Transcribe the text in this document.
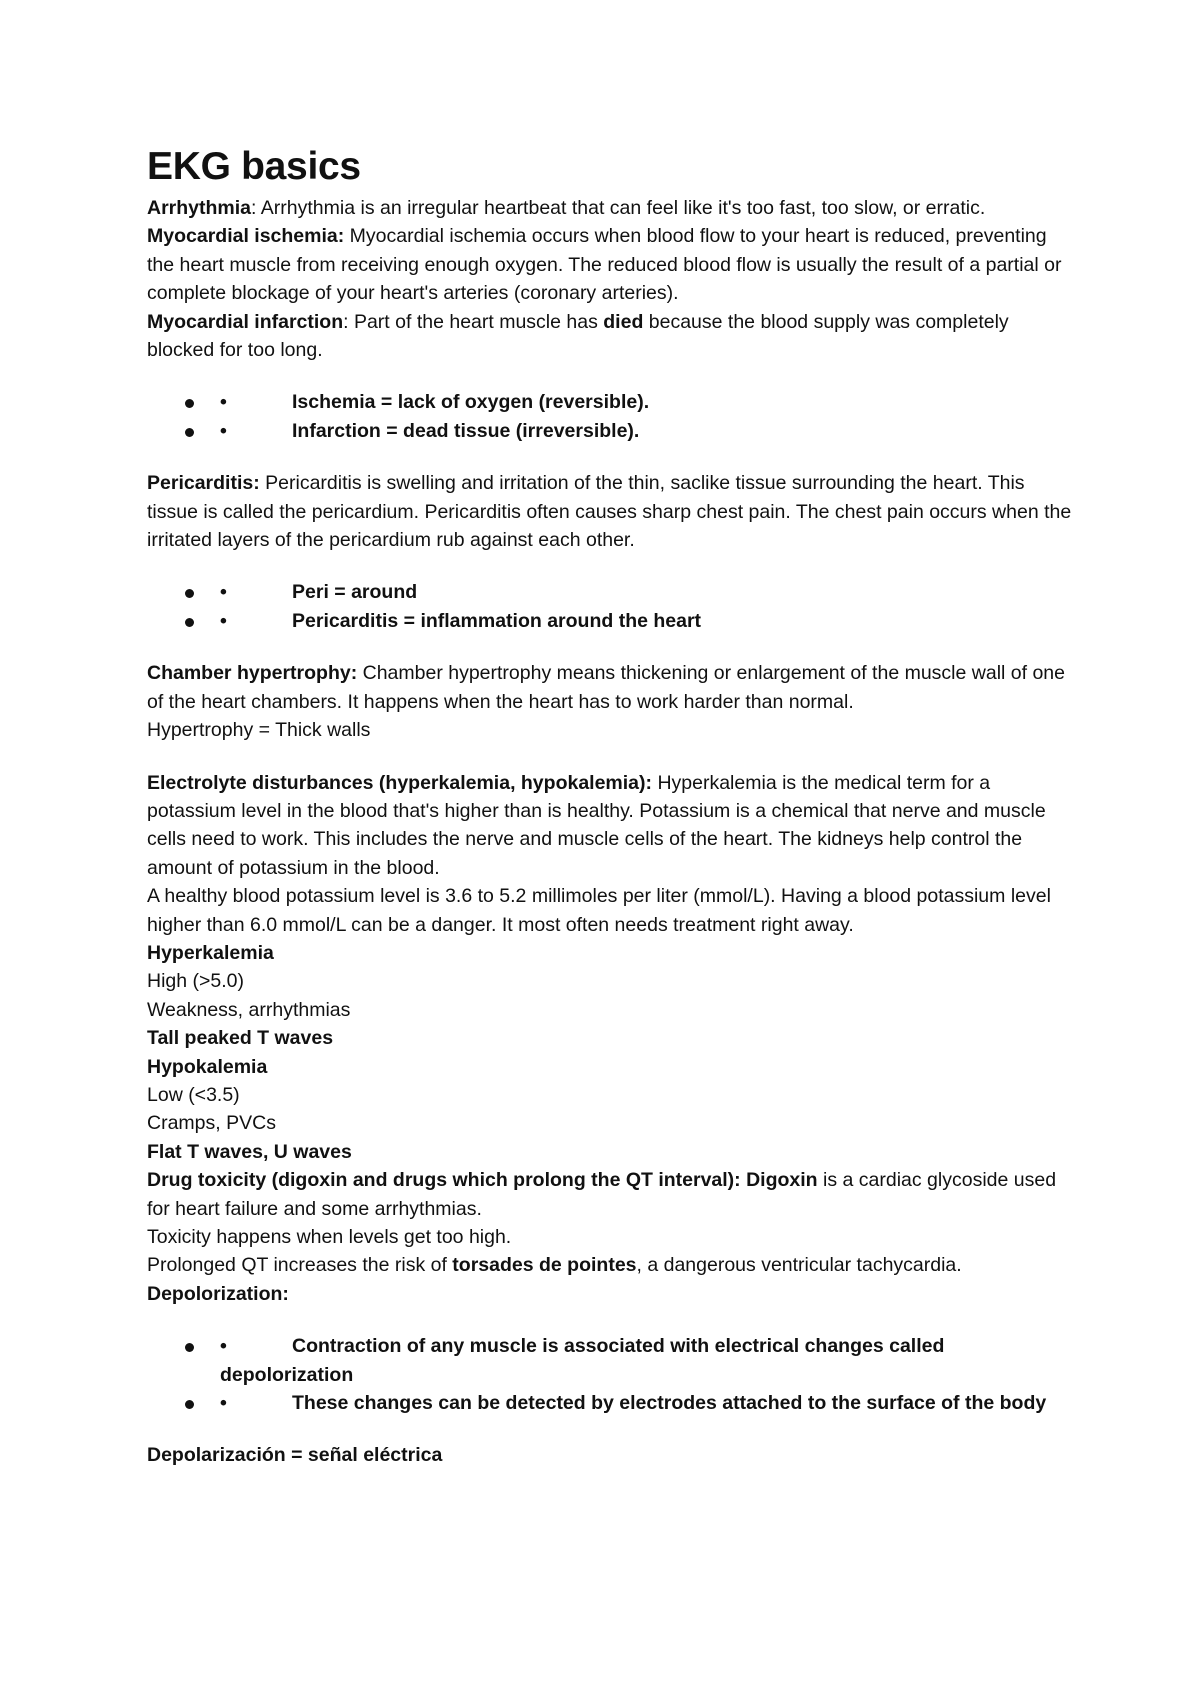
EKG basics

Arrhythmia: Arrhythmia is an irregular heartbeat that can feel like it's too fast, too slow, or erratic.

Myocardial ischemia: Myocardial ischemia occurs when blood flow to your heart is reduced, preventing the heart muscle from receiving enough oxygen. The reduced blood flow is usually the result of a partial or complete blockage of your heart's arteries (coronary arteries).

Myocardial infarction: Part of the heart muscle has died because the blood supply was completely blocked for too long.

•	Ischemia = lack of oxygen (reversible).
•	Infarction = dead tissue (irreversible).

Pericarditis: Pericarditis is swelling and irritation of the thin, saclike tissue surrounding the heart. This tissue is called the pericardium. Pericarditis often causes sharp chest pain. The chest pain occurs when the irritated layers of the pericardium rub against each other.

•	Peri = around
•	Pericarditis = inflammation around the heart

Chamber hypertrophy: Chamber hypertrophy means thickening or enlargement of the muscle wall of one of the heart chambers. It happens when the heart has to work harder than normal.

Hypertrophy = Thick walls

Electrolyte disturbances (hyperkalemia, hypokalemia): Hyperkalemia is the medical term for a potassium level in the blood that's higher than is healthy. Potassium is a chemical that nerve and muscle cells need to work. This includes the nerve and muscle cells of the heart. The kidneys help control the amount of potassium in the blood.

A healthy blood potassium level is 3.6 to 5.2 millimoles per liter (mmol/L). Having a blood potassium level higher than 6.0 mmol/L can be a danger. It most often needs treatment right away.

Hyperkalemia

High (>5.0)

Weakness, arrhythmias

Tall peaked T waves

Hypokalemia

Low (<3.5)

Cramps, PVCs

Flat T waves, U waves

Drug toxicity (digoxin and drugs which prolong the QT interval): Digoxin is a cardiac glycoside used for heart failure and some arrhythmias.

Toxicity happens when levels get too high.

Prolonged QT increases the risk of torsades de pointes, a dangerous ventricular tachycardia.

Depolorization:

•	Contraction of any muscle is associated with electrical changes called depolorization
•	These changes can be detected by electrodes attached to the surface of the body

Depolarización = señal eléctrica
